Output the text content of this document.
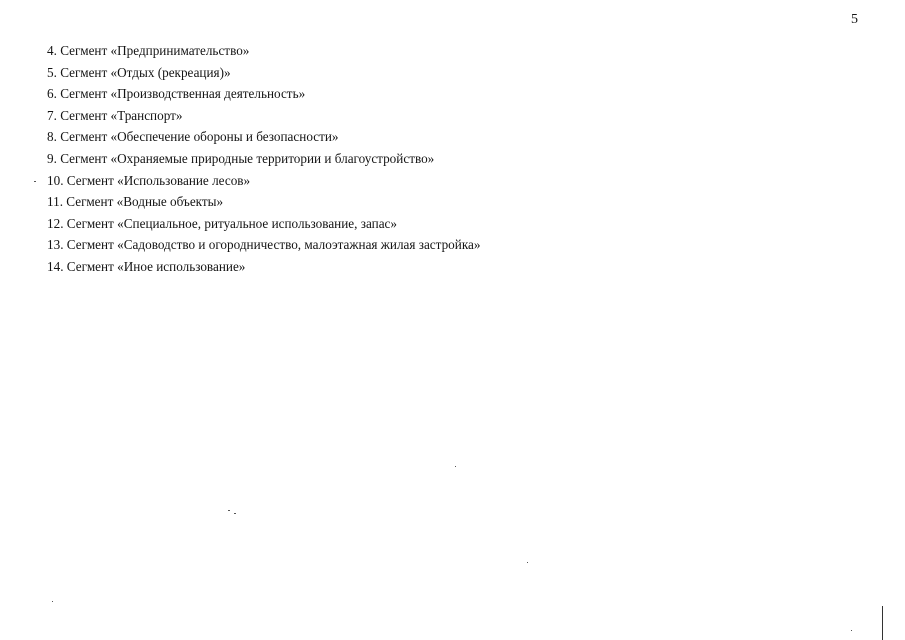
5
4. Сегмент «Предпринимательство»
5. Сегмент «Отдых (рекреация)»
6. Сегмент «Производственная деятельность»
7. Сегмент «Транспорт»
8. Сегмент «Обеспечение обороны и безопасности»
9. Сегмент «Охраняемые природные территории и благоустройство»
10. Сегмент «Использование лесов»
11. Сегмент «Водные объекты»
12. Сегмент «Специальное, ритуальное использование, запас»
13. Сегмент «Садоводство и огородничество, малоэтажная жилая застройка»
14. Сегмент «Иное использование»
